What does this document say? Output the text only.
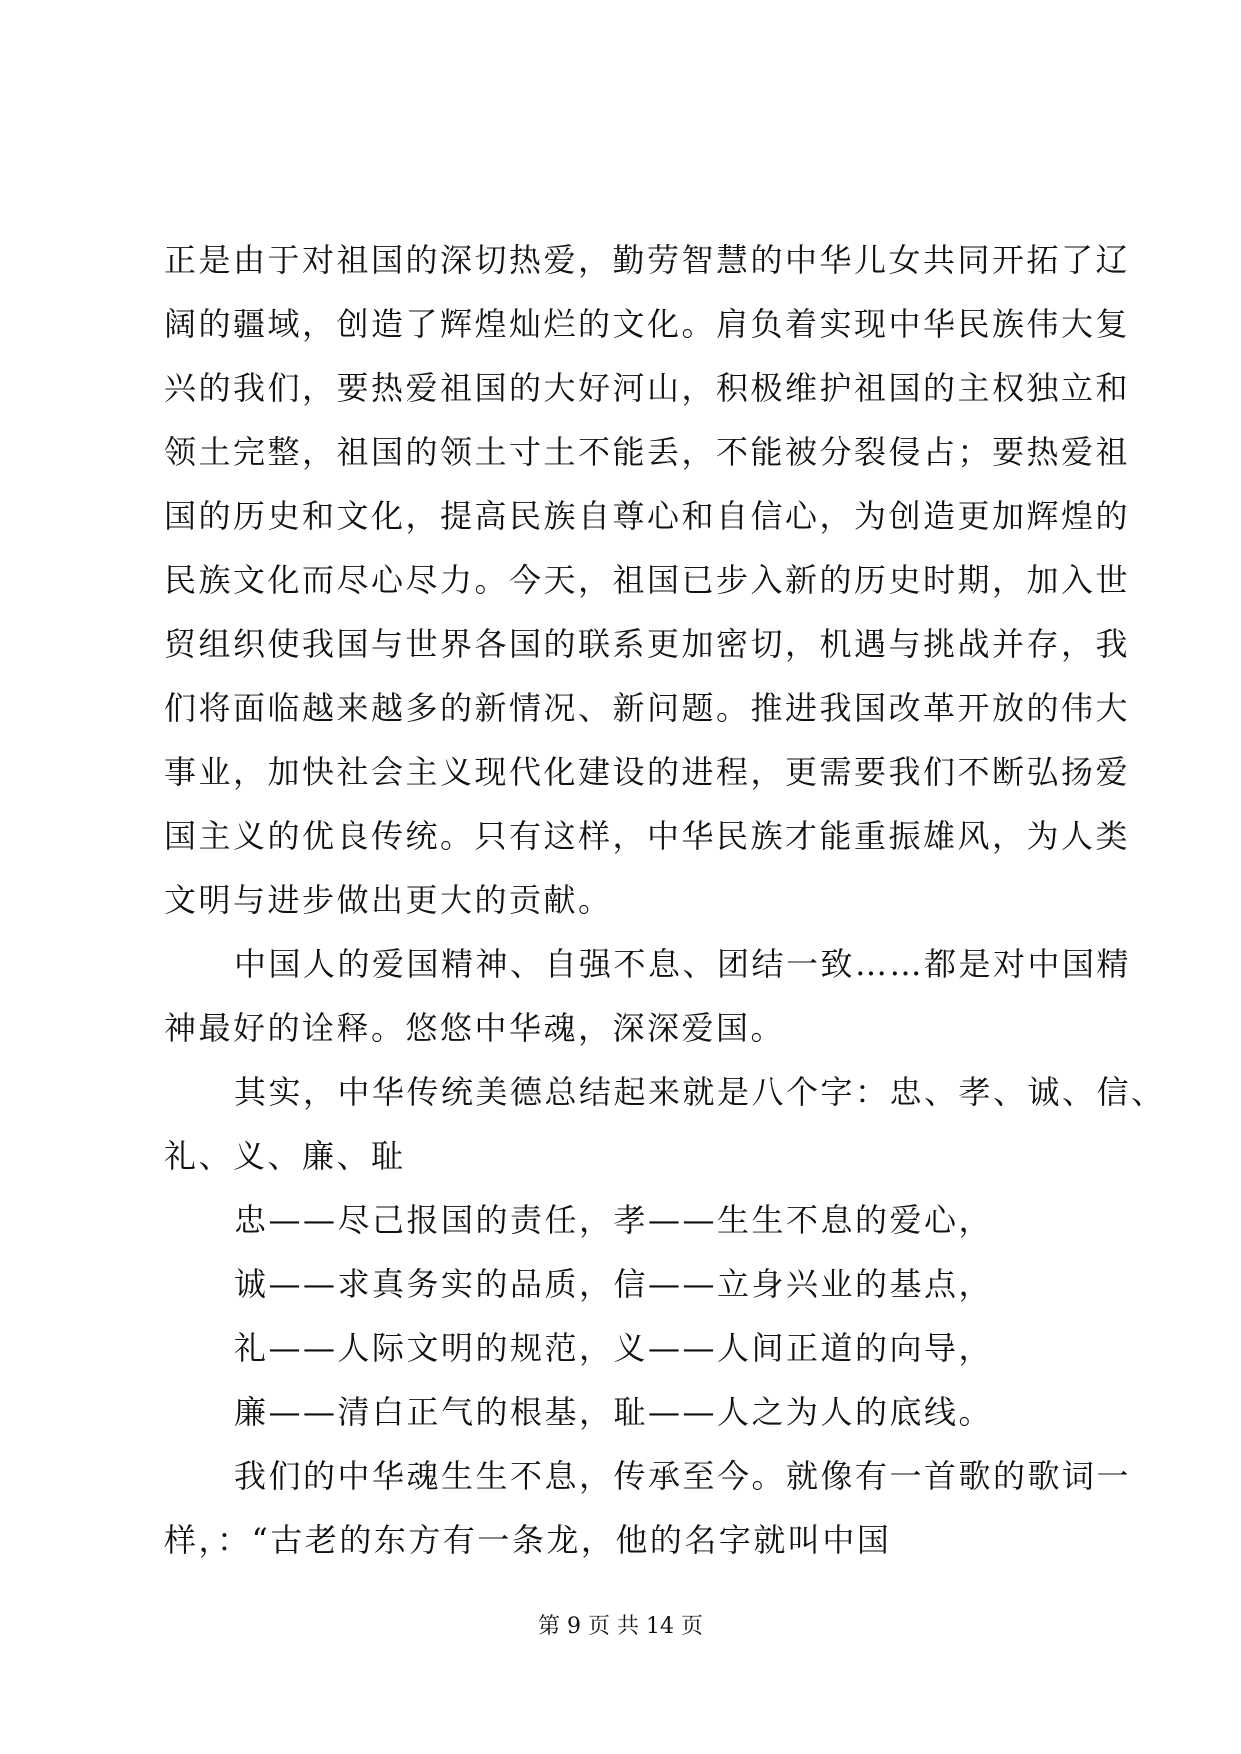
正是由于对祖国的深切热爱，勤劳智慧的中华儿女共同开拓了辽
阔的疆域，创造了辉煌灿烂的文化。肩负着实现中华民族伟大复
兴的我们，要热爱祖国的大好河山，积极维护祖国的主权独立和
领土完整，祖国的领土寸土不能丢，不能被分裂侵占；要热爱祖
国的历史和文化，提高民族自尊心和自信心，为创造更加辉煌的
民族文化而尽心尽力。今天，祖国已步入新的历史时期，加入世
贸组织使我国与世界各国的联系更加密切，机遇与挑战并存，我
们将面临越来越多的新情况、新问题。推进我国改革开放的伟大
事业，加快社会主义现代化建设的进程，更需要我们不断弘扬爱
国主义的优良传统。只有这样，中华民族才能重振雄风，为人类
文明与进步做出更大的贡献。
中国人的爱国精神、自强不息、团结一致……都是对中国精
神最好的诠释。悠悠中华魂，深深爱国。
其实，中华传统美德总结起来就是八个字：忠、孝、诚、信、
礼、义、廉、耻
忠——尽己报国的责任，孝——生生不息的爱心，
诚——求真务实的品质，信——立身兴业的基点，
礼——人际文明的规范，义——人间正道的向导，
廉——清白正气的根基，耻——人之为人的底线。
我们的中华魂生生不息，传承至今。就像有一首歌的歌词一
样，：“古老的东方有一条龙，他的名字就叫中国
第 9 页 共 14 页
